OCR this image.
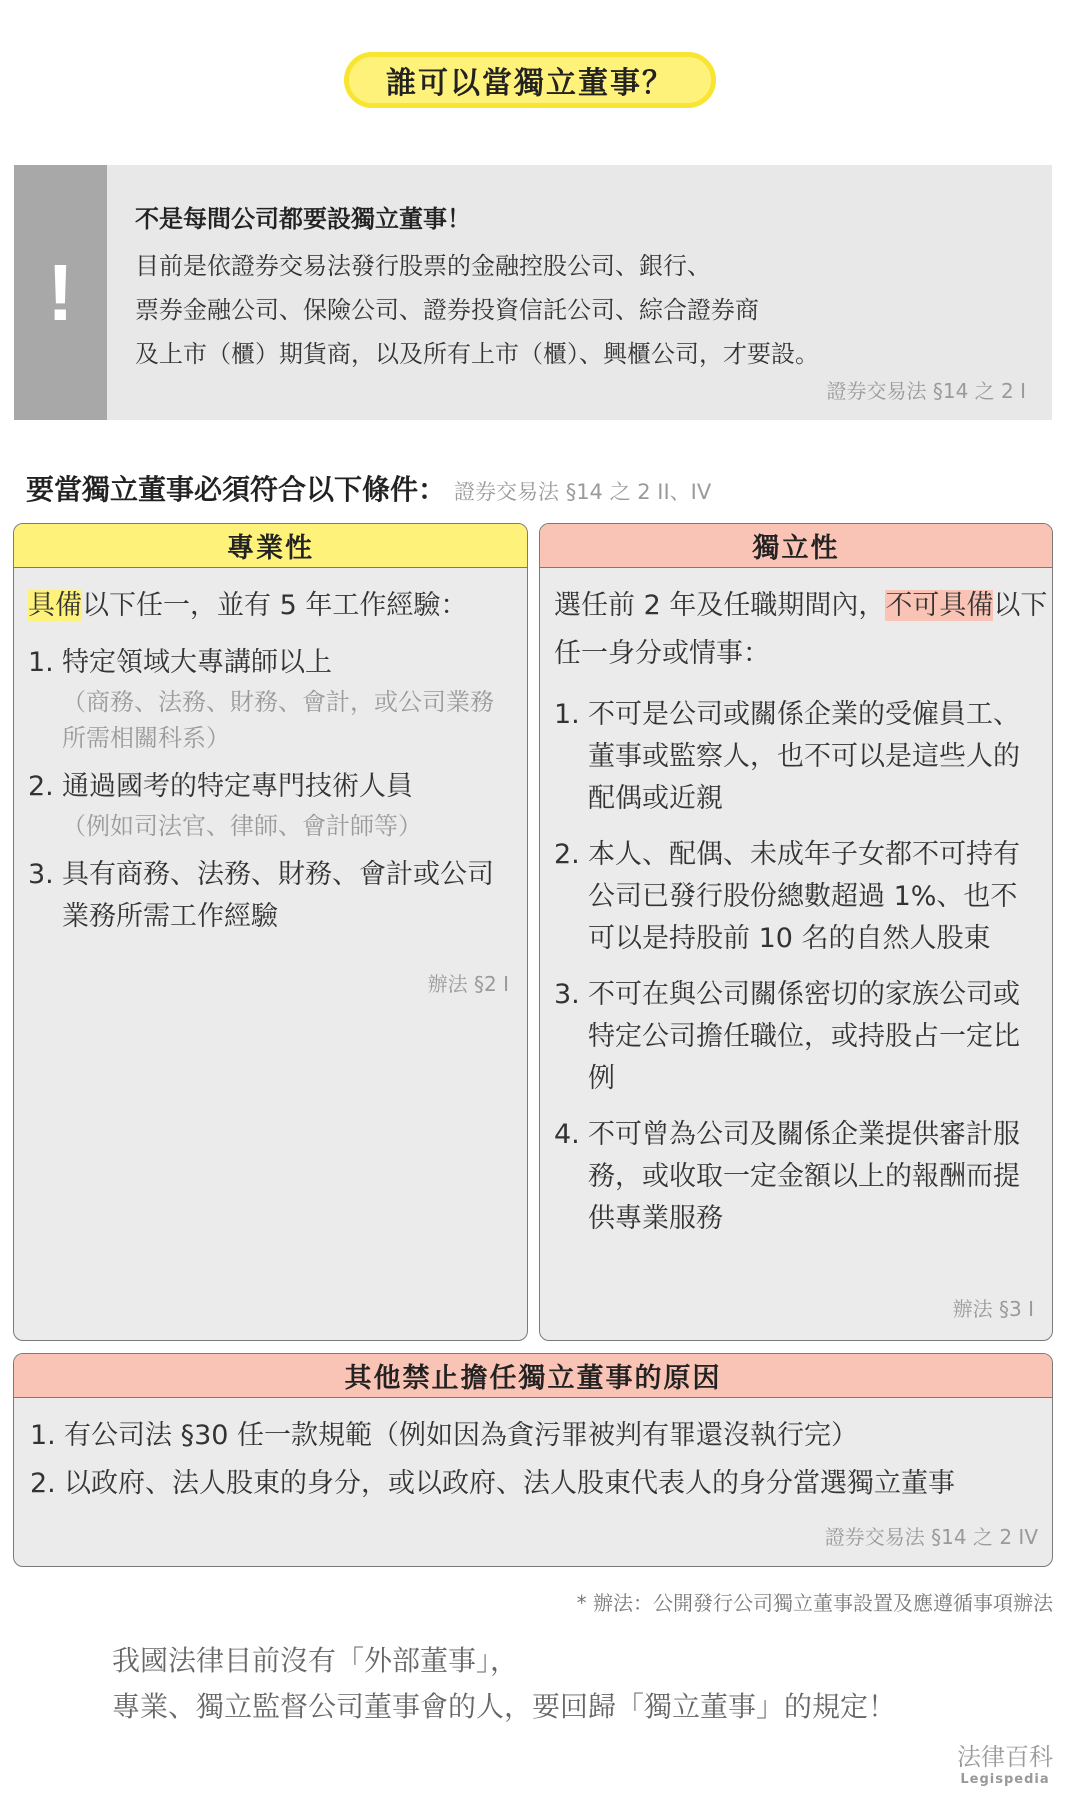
誰可以當獨立董事？
!
不是每間公司都要設獨立董事！
目前是依證券交易法發行股票的金融控股公司、銀行、
票券金融公司、保險公司、證券投資信託公司、綜合證券商
及上市（櫃）期貨商，以及所有上市（櫃）、興櫃公司，才要設。
證券交易法 §14 之 2 I
要當獨立董事必須符合以下條件： 證券交易法 §14 之 2 II、IV
專業性
具備以下任一，並有 5 年工作經驗：
1. 特定領域大專講師以上
（商務、法務、財務、會計，或公司業務所需相關科系）
2. 通過國考的特定專門技術人員
（例如司法官、律師、會計師等）
3. 具有商務、法務、財務、會計或公司業務所需工作經驗
辦法 §2 I
獨立性
選任前 2 年及任職期間內，不可具備以下任一身分或情事：
1. 不可是公司或關係企業的受僱員工、董事或監察人，也不可以是這些人的配偶或近親
2. 本人、配偶、未成年子女都不可持有公司已發行股份總數超過 1%、也不可以是持股前 10 名的自然人股東
3. 不可在與公司關係密切的家族公司或特定公司擔任職位，或持股占一定比例
4. 不可曾為公司及關係企業提供審計服務，或收取一定金額以上的報酬而提供專業服務
辦法 §3 I
其他禁止擔任獨立董事的原因
1. 有公司法 §30 任一款規範（例如因為貪污罪被判有罪還沒執行完）
2. 以政府、法人股東的身分，或以政府、法人股東代表人的身分當選獨立董事
證券交易法 §14 之 2 IV
* 辦法：公開發行公司獨立董事設置及應遵循事項辦法
我國法律目前沒有「外部董事」，
專業、獨立監督公司董事會的人，要回歸「獨立董事」的規定！
法律百科
Legispedia
